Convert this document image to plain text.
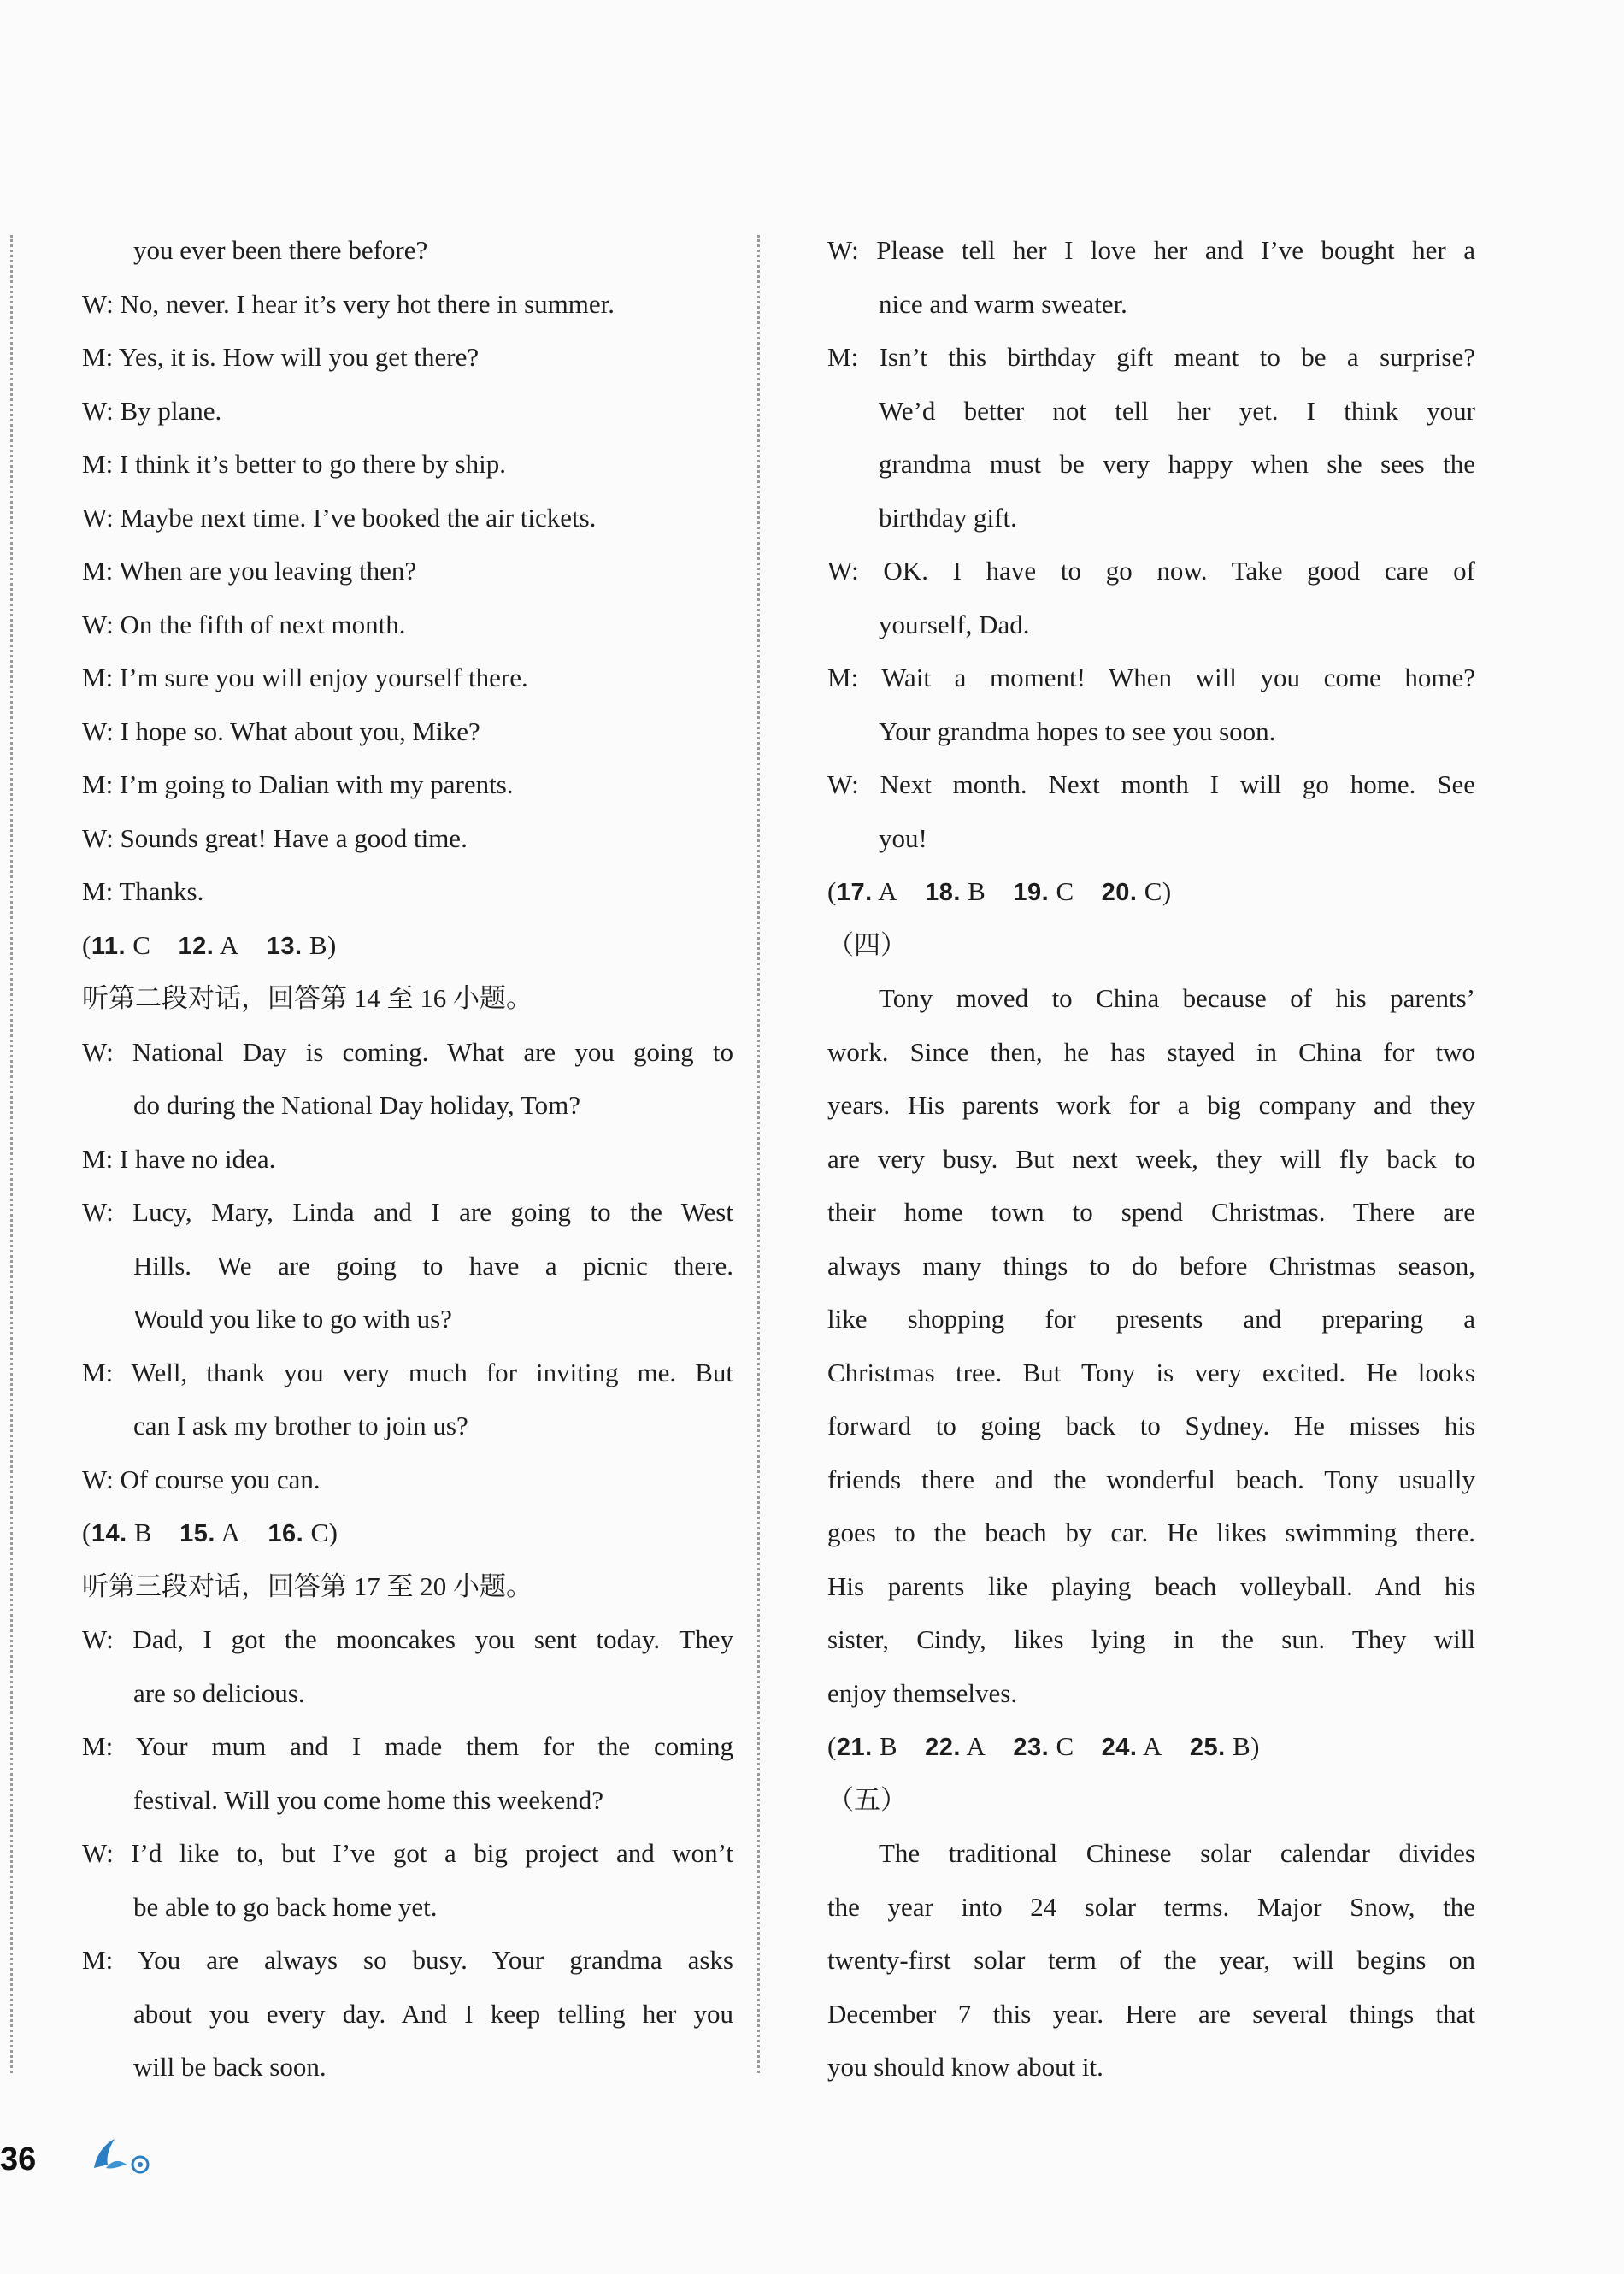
you ever been there before?
W: No, never. I hear it’s very hot there in summer.
M: Yes, it is. How will you get there?
W: By plane.
M: I think it’s better to go there by ship.
W: Maybe next time. I’ve booked the air tickets.
M: When are you leaving then?
W: On the fifth of next month.
M: I’m sure you will enjoy yourself there.
W: I hope so. What about you, Mike?
M: I’m going to Dalian with my parents.
W: Sounds great! Have a good time.
M: Thanks.
(11. C 12. A 13. B)
听第二段对话，回答第 14 至 16 小题。
W: National Day is coming. What are you going to
do during the National Day holiday, Tom?
M: I have no idea.
W: Lucy, Mary, Linda and I are going to the West
Hills. We are going to have a picnic there.
Would you like to go with us?
M: Well, thank you very much for inviting me. But
can I ask my brother to join us?
W: Of course you can.
(14. B 15. A 16. C)
听第三段对话，回答第 17 至 20 小题。
W: Dad, I got the mooncakes you sent today. They
are so delicious.
M: Your mum and I made them for the coming
festival. Will you come home this weekend?
W: I’d like to, but I’ve got a big project and won’t
be able to go back home yet.
M: You are always so busy. Your grandma asks
about you every day. And I keep telling her you
will be back soon.
W: Please tell her I love her and I’ve bought her a
nice and warm sweater.
M: Isn’t this birthday gift meant to be a surprise?
We’d better not tell her yet. I think your
grandma must be very happy when she sees the
birthday gift.
W: OK. I have to go now. Take good care of
yourself, Dad.
M: Wait a moment! When will you come home?
Your grandma hopes to see you soon.
W: Next month. Next month I will go home. See
you!
(17. A 18. B 19. C 20. C)
（四）
Tony moved to China because of his parents’
work. Since then, he has stayed in China for two
years. His parents work for a big company and they
are very busy. But next week, they will fly back to
their home town to spend Christmas. There are
always many things to do before Christmas season,
like shopping for presents and preparing a
Christmas tree. But Tony is very excited. He looks
forward to going back to Sydney. He misses his
friends there and the wonderful beach. Tony usually
goes to the beach by car. He likes swimming there.
His parents like playing beach volleyball. And his
sister, Cindy, likes lying in the sun. They will
enjoy themselves.
(21. B 22. A 23. C 24. A 25. B)
（五）
The traditional Chinese solar calendar divides
the year into 24 solar terms. Major Snow, the
twenty-first solar term of the year, will begins on
December 7 this year. Here are several things that
you should know about it.
36
